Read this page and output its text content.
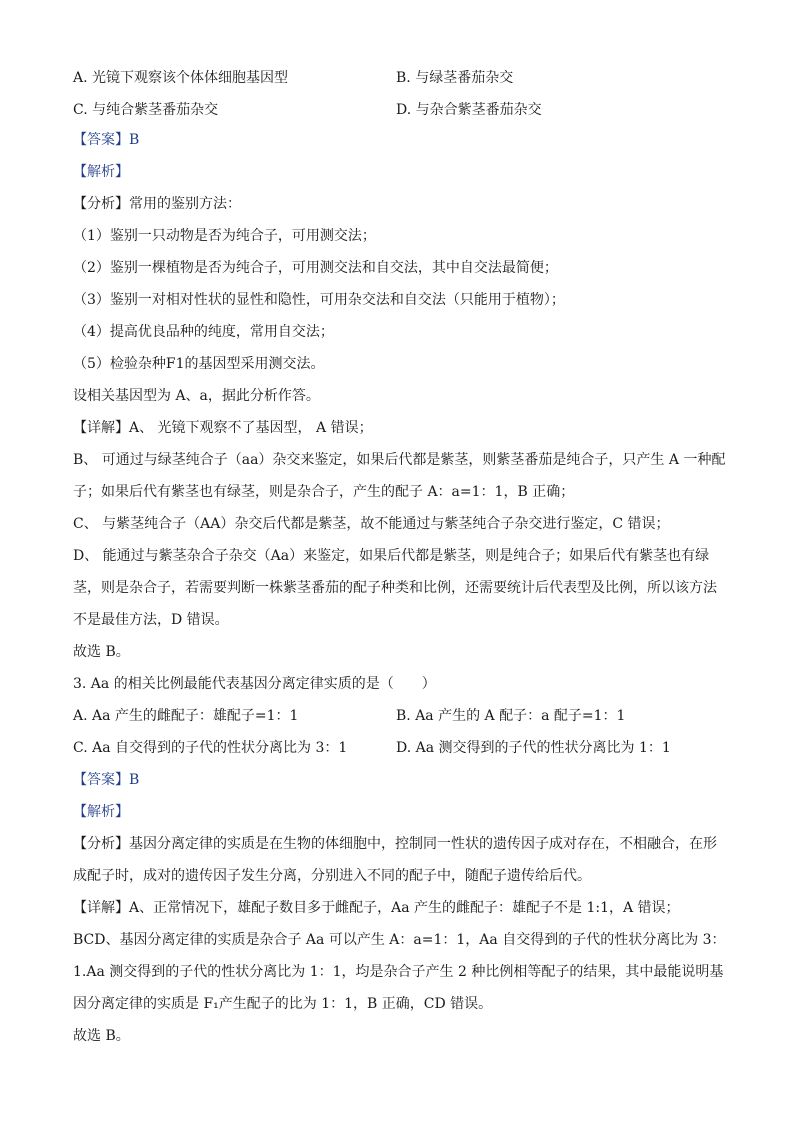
A. 光镜下观察该个体体细胞基因型	B. 与绿茎番茄杂交
C. 与纯合紫茎番茄杂交	D. 与杂合紫茎番茄杂交
【答案】B
【解析】
【分析】常用的鉴别方法：
（1）鉴别一只动物是否为纯合子，可用测交法；
（2）鉴别一棵植物是否为纯合子，可用测交法和自交法，其中自交法最简便；
（3）鉴别一对相对性状的显性和隐性，可用杂交法和自交法（只能用于植物）；
（4）提高优良品种的纯度，常用自交法；
（5）检验杂种F1的基因型采用测交法。
设相关基因型为 A、a，据此分析作答。
【详解】A、 光镜下观察不了基因型， A 错误；
B、 可通过与绿茎纯合子（aa）杂交来鉴定，如果后代都是紫茎，则紫茎番茄是纯合子，只产生 A 一种配
子；如果后代有紫茎也有绿茎，则是杂合子，产生的配子 A：a=1：1，B 正确；
C、 与紫茎纯合子（AA）杂交后代都是紫茎，故不能通过与紫茎纯合子杂交进行鉴定，C 错误；
D、 能通过与紫茎杂合子杂交（Aa）来鉴定，如果后代都是紫茎，则是纯合子；如果后代有紫茎也有绿
茎，则是杂合子，若需要判断一株紫茎番茄的配子种类和比例，还需要统计后代表型及比例，所以该方法
不是最佳方法，D 错误。
故选 B。
3. Aa 的相关比例最能代表基因分离定律实质的是（　　）
A. Aa 产生的雌配子：雄配子=1：1	B. Aa 产生的 A 配子：a 配子=1：1
C. Aa 自交得到的子代的性状分离比为 3：1	D. Aa 测交得到的子代的性状分离比为 1：1
【答案】B
【解析】
【分析】基因分离定律的实质是在生物的体细胞中，控制同一性状的遗传因子成对存在，不相融合，在形
成配子时，成对的遗传因子发生分离，分别进入不同的配子中，随配子遗传给后代。
【详解】A、正常情况下，雄配子数目多于雌配子，Aa 产生的雌配子：雄配子不是 1:1，A 错误；
BCD、基因分离定律的实质是杂合子 Aa 可以产生 A：a=1：1，Aa 自交得到的子代的性状分离比为 3：
1.Aa 测交得到的子代的性状分离比为 1：1，均是杂合子产生 2 种比例相等配子的结果，其中最能说明基
因分离定律的实质是 F₁产生配子的比为 1：1，B 正确，CD 错误。
故选 B。
